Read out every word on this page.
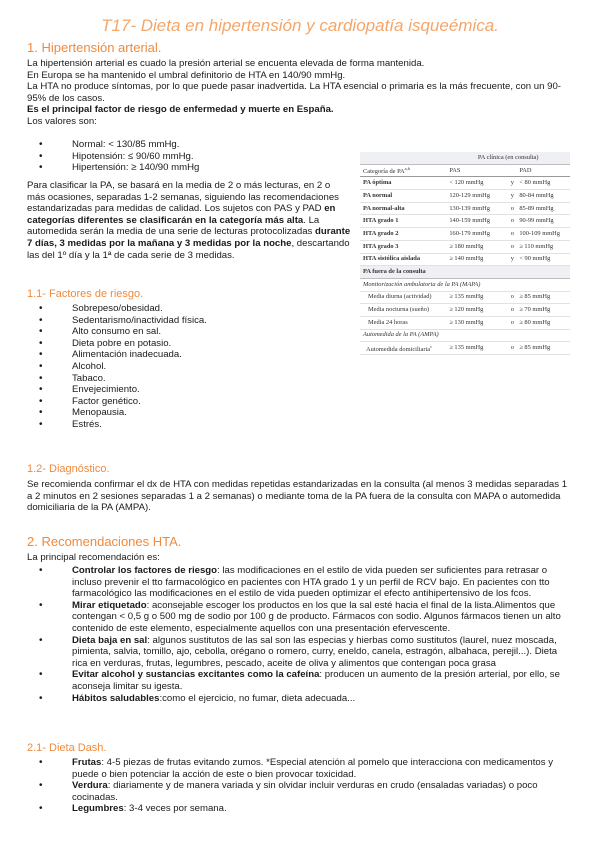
T17- Dieta en hipertensión y cardiopatía isqueémica.
1. Hipertensión arterial.

La hipertensión arterial es cuado la presión arterial se encuenta elevada de forma mantenida.

En Europa se ha mantenido el umbral definitorio de HTA en 140/90 mmHg.

La HTA no produce síntomas, por lo que puede pasar inadvertida. La HTA esencial o primaria es la más frecuente, con un 90-95% de los casos.

Es el principal factor de riesgo de enfermedad y muerte en España.

Los valores son:

• Normal: < 130/85 mmHg.
• Hipotensión: ≤ 90/60 mmHg.
• Hipertensión: ≥ 140/90 mmHg

Para clasificar la PA, se basará en la media de 2 o más lecturas, en 2 o más ocasiones, separadas 1-2 semanas, siguiendo las recomendaciones estandarizadas para medidas de calidad. Los sujetos con PAS y PAD en categorías diferentes se clasificarán en la categoría más alta. La automedida serán la media de una serie de lecturas protocolizadas durante 7 días, 3 medidas por la mañana y 3 medidas por la noche, descartando las del 1º día y la 1ª de cada serie de 3 medidas.

	PA clínica (en consulta)		
Categoría de PA$^{a,b}$	PAS		PAD
PA óptima	< 120 mmHg	y	< 80 mmHg
PA normal	120-129 mmHg	y	80-84 mmHg
PA normal-alta	130-139 mmHg	o	85-89 mmHg
HTA grado 1	140-159 mmHg	o	90-99 mmHg
HTA grado 2	160-179 mmHg	o	100-109 mmHg
HTA grado 3	≥ 180 mmHg	o	≥ 110 mmHg
HTA sistólica aislada	≥ 140 mmHg	y	< 90 mmHg
PA fuera de la consulta			
Monitorización ambulatoria de la PA (MAPA)			
Media diurna (actividad)	≥ 135 mmHg	o	≥ 85 mmHg
Media nocturna (sueño)	≥ 120 mmHg	o	≥ 70 mmHg
Media 24 horas	≥ 130 mmHg	o	≥ 80 mmHg
Automedida de la PA (AMPA)			
Automedida domiciliaria$^c$	≥ 135 mmHg	o	≥ 85 mmHg
1.1- Factores de riesgo.
• Sobrepeso/obesidad.
• Sedentarismo/inactividad física.
• Alto consumo en sal.
• Dieta pobre en potasio.
• Alimentación inadecuada.
• Alcohol.
• Tabaco.
• Envejecimiento.
• Factor genético.
• Menopausia.
• Estrés.
1.2- Diagnóstico.

Se recomienda confirmar el dx de HTA con medidas repetidas estandarizadas en la consulta (al menos 3 medidas separadas 1 a 2 minutos en 2 sesiones separadas 1 a 2 semanas) o mediante toma de la PA fuera de la consulta con MAPA o automedida domiciliaria de la PA (AMPA).

2. Recomendaciones HTA.

La principal recomendación es:

• Controlar los factores de riesgo: las modificaciones en el estilo de vida pueden ser suficientes para retrasar o incluso prevenir el tto farmacológico en pacientes con HTA grado 1 y un perfil de RCV bajo. En pacientes con tto farmacológico las modificaciones en el estilo de vida pueden optimizar el efecto antihipertensivo de los fcos.
• Mirar etiquetado: aconsejable escoger los productos en los que la sal esté hacia el final de la lista.Alimentos que contengan < 0,5 g o 500 mg de sodio por 100 g de producto. Fármacos con sodio. Algunos fármacos tienen un alto contenido de este elemento, especialmente aquellos con una presentación efervescente.
• Dieta baja en sal: algunos sustitutos de las sal son las especias y hierbas como sustitutos (laurel, nuez moscada, pimienta, salvia, tomillo, ajo, cebolla, orégano o romero, curry, eneldo, canela, estragón, albahaca, perejil...). Dieta rica en verduras, frutas, legumbres, pescado, aceite de oliva y alimentos que contengan poca grasa
• Evitar alcohol y sustancias excitantes como la cafeína: producen un aumento de la presión arterial, por ello, se aconseja limitar su igesta.
• Hábitos saludables:como el ejercicio, no fumar, dieta adecuada...
2.1- Dieta Dash.
• Frutas: 4-5 piezas de frutas evitando zumos. *Especial atención al pomelo que interacciona con medicamentos y puede o bien potenciar la acción de este o bien provocar toxicidad.
• Verdura: diariamente y de manera variada y sin olvidar incluir verduras en crudo (ensaladas variadas) o poco cocinadas.
• Legumbres: 3-4 veces por semana.
